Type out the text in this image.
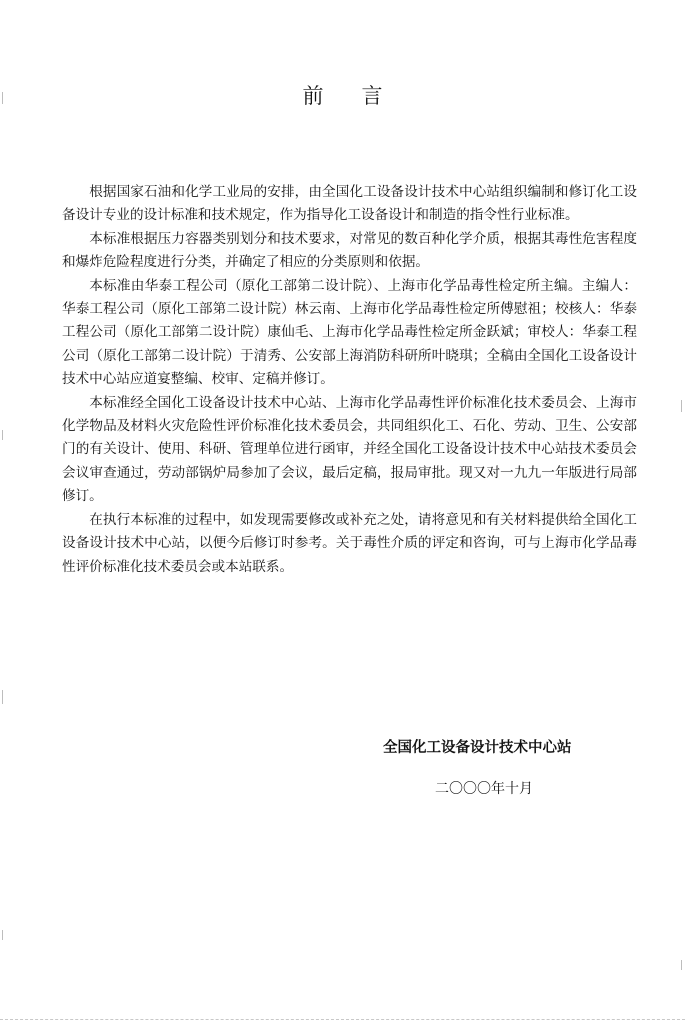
前言

根据国家石油和化学工业局的安排，由全国化工设备设计技术中心站组织编制和修订化工设备设计专业的设计标准和技术规定，作为指导化工设备设计和制造的指令性行业标准。

本标准根据压力容器类别划分和技术要求，对常见的数百种化学介质，根据其毒性危害程度和爆炸危险程度进行分类，并确定了相应的分类原则和依据。

本标准由华泰工程公司（原化工部第二设计院）、上海市化学品毒性检定所主编。主编人：华泰工程公司（原化工部第二设计院）林云南、上海市化学品毒性检定所傅慰祖；校核人：华泰工程公司（原化工部第二设计院）康仙毛、上海市化学品毒性检定所金跃斌；审校人：华泰工程公司（原化工部第二设计院）于清秀、公安部上海消防科研所叶晓琪；全稿由全国化工设备设计技术中心站应道宴整编、校审、定稿并修订。

本标准经全国化工设备设计技术中心站、上海市化学品毒性评价标准化技术委员会、上海市化学物品及材料火灾危险性评价标准化技术委员会，共同组织化工、石化、劳动、卫生、公安部门的有关设计、使用、科研、管理单位进行函审，并经全国化工设备设计技术中心站技术委员会会议审查通过，劳动部锅炉局参加了会议，最后定稿，报局审批。现又对一九九一年版进行局部修订。

在执行本标准的过程中，如发现需要修改或补充之处，请将意见和有关材料提供给全国化工设备设计技术中心站，以便今后修订时参考。关于毒性介质的评定和咨询，可与上海市化学品毒性评价标准化技术委员会或本站联系。

全国化工设备设计技术中心站
二〇〇〇年十月
